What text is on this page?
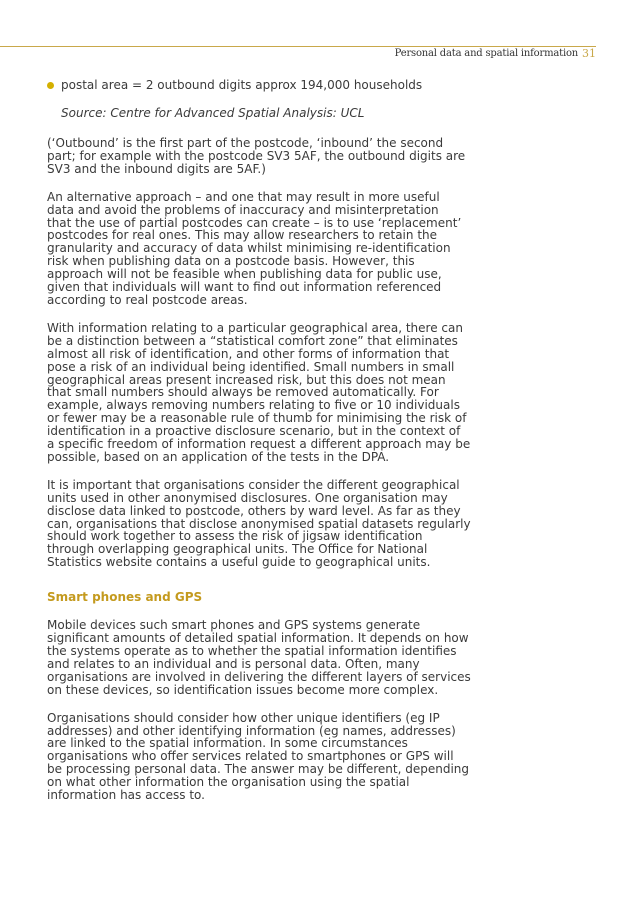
Personal data and spatial information 31
postal area = 2 outbound digits approx 194,000 households
Source: Centre for Advanced Spatial Analysis: UCL

(‘Outbound’ is the first part of the postcode, ‘inbound’ the second
part; for example with the postcode SV3 5AF, the outbound digits are
SV3 and the inbound digits are 5AF.)

An alternative approach – and one that may result in more useful
data and avoid the problems of inaccuracy and misinterpretation
that the use of partial postcodes can create – is to use ‘replacement’
postcodes for real ones. This may allow researchers to retain the
granularity and accuracy of data whilst minimising re-identification
risk when publishing data on a postcode basis. However, this
approach will not be feasible when publishing data for public use,
given that individuals will want to find out information referenced
according to real postcode areas.

With information relating to a particular geographical area, there can
be a distinction between a “statistical comfort zone” that eliminates
almost all risk of identification, and other forms of information that
pose a risk of an individual being identified. Small numbers in small
geographical areas present increased risk, but this does not mean
that small numbers should always be removed automatically. For
example, always removing numbers relating to five or 10 individuals
or fewer may be a reasonable rule of thumb for minimising the risk of
identification in a proactive disclosure scenario, but in the context of
a specific freedom of information request a different approach may be
possible, based on an application of the tests in the DPA.

It is important that organisations consider the different geographical
units used in other anonymised disclosures. One organisation may
disclose data linked to postcode, others by ward level. As far as they
can, organisations that disclose anonymised spatial datasets regularly
should work together to assess the risk of jigsaw identification
through overlapping geographical units. The Office for National
Statistics website contains a useful guide to geographical units.

Smart phones and GPS

Mobile devices such smart phones and GPS systems generate
significant amounts of detailed spatial information. It depends on how
the systems operate as to whether the spatial information identifies
and relates to an individual and is personal data. Often, many
organisations are involved in delivering the different layers of services
on these devices, so identification issues become more complex.

Organisations should consider how other unique identifiers (eg IP
addresses) and other identifying information (eg names, addresses)
are linked to the spatial information. In some circumstances
organisations who offer services related to smartphones or GPS will
be processing personal data. The answer may be different, depending
on what other information the organisation using the spatial
information has access to.
